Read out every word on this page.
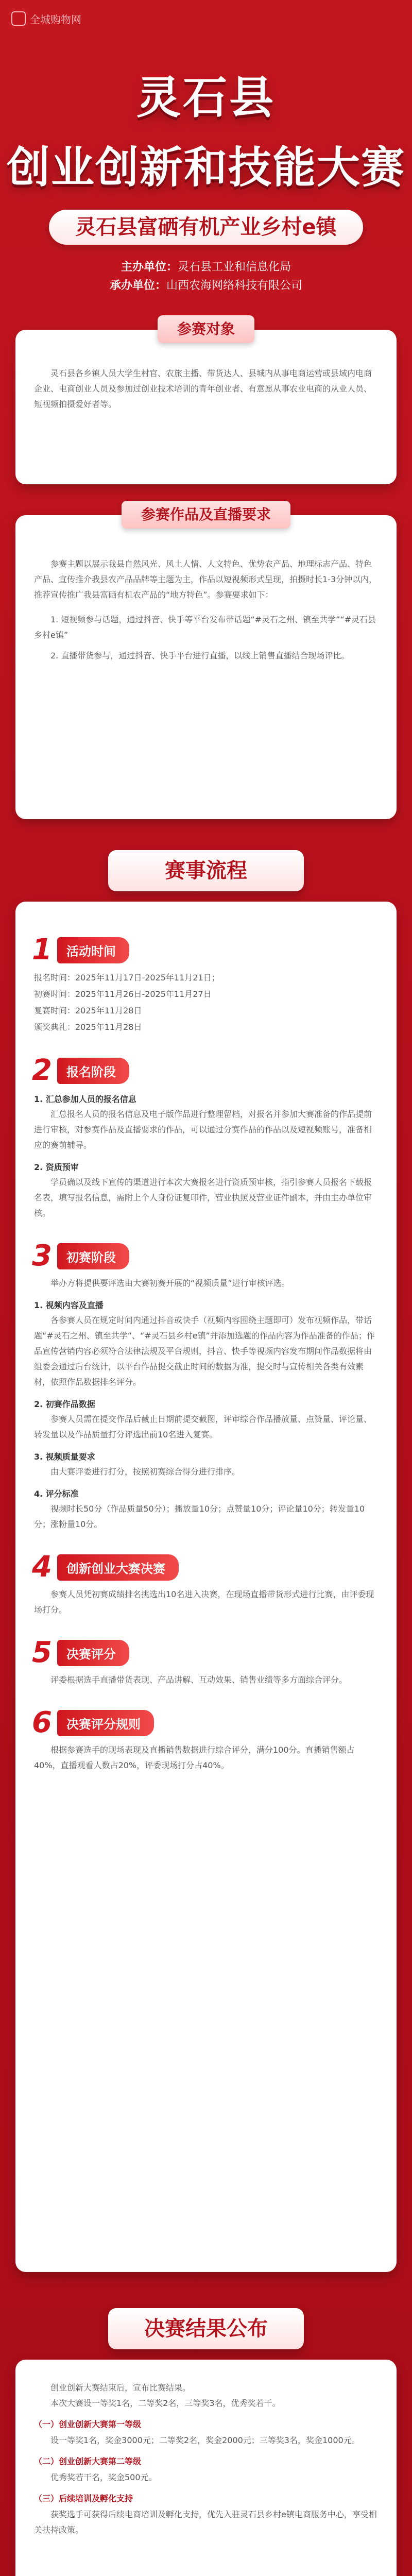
全城购物网
灵石县
创业创新和技能大赛
灵石县富硒有机产业乡村e镇
主办单位：灵石县工业和信息化局
承办单位：山西农海网络科技有限公司

灵石县各乡镇人员大学生村官、农旅主播、带货达人、县城内从事电商运营或县域内电商企业、电商创业人员及参加过创业技术培训的青年创业者、有意愿从事农业电商的从业人员、短视频拍摄爱好者等。

参赛对象

参赛主题以展示我县自然风光、风土人情、人文特色、优势农产品、地理标志产品、特色产品、宣传推介我县农产品品牌等主题为主，作品以短视频形式呈现，拍摄时长1-3分钟以内，推荐宣传推广我县富硒有机农产品的“地方特色”。参赛要求如下：

1. 短视频参与话题，通过抖音、快手等平台发布带话题“#灵石之州、镇至共学”“#灵石县乡村e镇”

2. 直播带货参与，通过抖音、快手平台进行直播，以线上销售直播结合现场评比。

参赛作品及直播要求
赛事流程
1	活动时间
报名时间：2025年11月17日-2025年11月21日；
初赛时间：2025年11月26日-2025年11月27日
复赛时间：2025年11月28日
颁奖典礼：2025年11月28日
2	报名阶段
1. 汇总参加人员的报名信息

汇总报名人员的报名信息及电子版作品进行整理留档，对报名并参加大赛准备的作品提前进行审核，对参赛作品及直播要求的作品，可以通过分赛作品的作品以及短视频账号，准备相应的赛前辅导。

2. 资质预审

学员确以及线下宣传的渠道进行本次大赛报名进行资质预审核，指引参赛人员报名下载报名表，填写报名信息，需附上个人身份证复印件，营业执照及营业证件副本，并由主办单位审核。

3	初赛阶段

举办方将提供要评选由大赛初赛开展的“视频质量”进行审核评选。

1. 视频内容及直播

各参赛人员在规定时间内通过抖音或快手（视频内容围绕主题即可）发布视频作品，带话题“#灵石之州、镇至共学”、“#灵石县乡村e镇”并添加选题的作品内容为作品准备的作品；作品宣传营销内容必须符合法律法规及平台规则，抖音、快手等视频内容发布期间作品数据将由组委会通过后台统计，以平台作品提交截止时间的数据为准，提交时与宣传相关各类有效素材，依照作品数据排名评分。

2. 初赛作品数据

参赛人员需在提交作品后截止日期前提交截图，评审综合作品播放量、点赞量、评论量、转发量以及作品质量打分评选出前10名进入复赛。

3. 视频质量要求

由大赛评委进行打分，按照初赛综合得分进行排序。

4. 评分标准

视频时长50分（作品质量50分）；播放量10分；点赞量10分；评论量10分；转发量10分；涨粉量10分。

4	创新创业大赛决赛

参赛人员凭初赛成绩排名挑选出10名进入决赛，在现场直播带货形式进行比赛，由评委现场打分。

5	决赛评分

评委根据选手直播带货表现、产品讲解、互动效果、销售业绩等多方面综合评分。

6	决赛评分规则

根据参赛选手的现场表现及直播销售数据进行综合评分，满分100分。直播销售额占40%，直播观看人数占20%，评委现场打分占40%。

决赛结果公布

创业创新大赛结束后，宣布比赛结果。

本次大赛设一等奖1名，二等奖2名，三等奖3名，优秀奖若干。

（一）创业创新大赛第一等级

设一等奖1名，奖金3000元；二等奖2名，奖金2000元；三等奖3名，奖金1000元。

（二）创业创新大赛第二等级

优秀奖若干名，奖金500元。

（三）后续培训及孵化支持

获奖选手可获得后续电商培训及孵化支持，优先入驻灵石县乡村e镇电商服务中心，享受相关扶持政策。
